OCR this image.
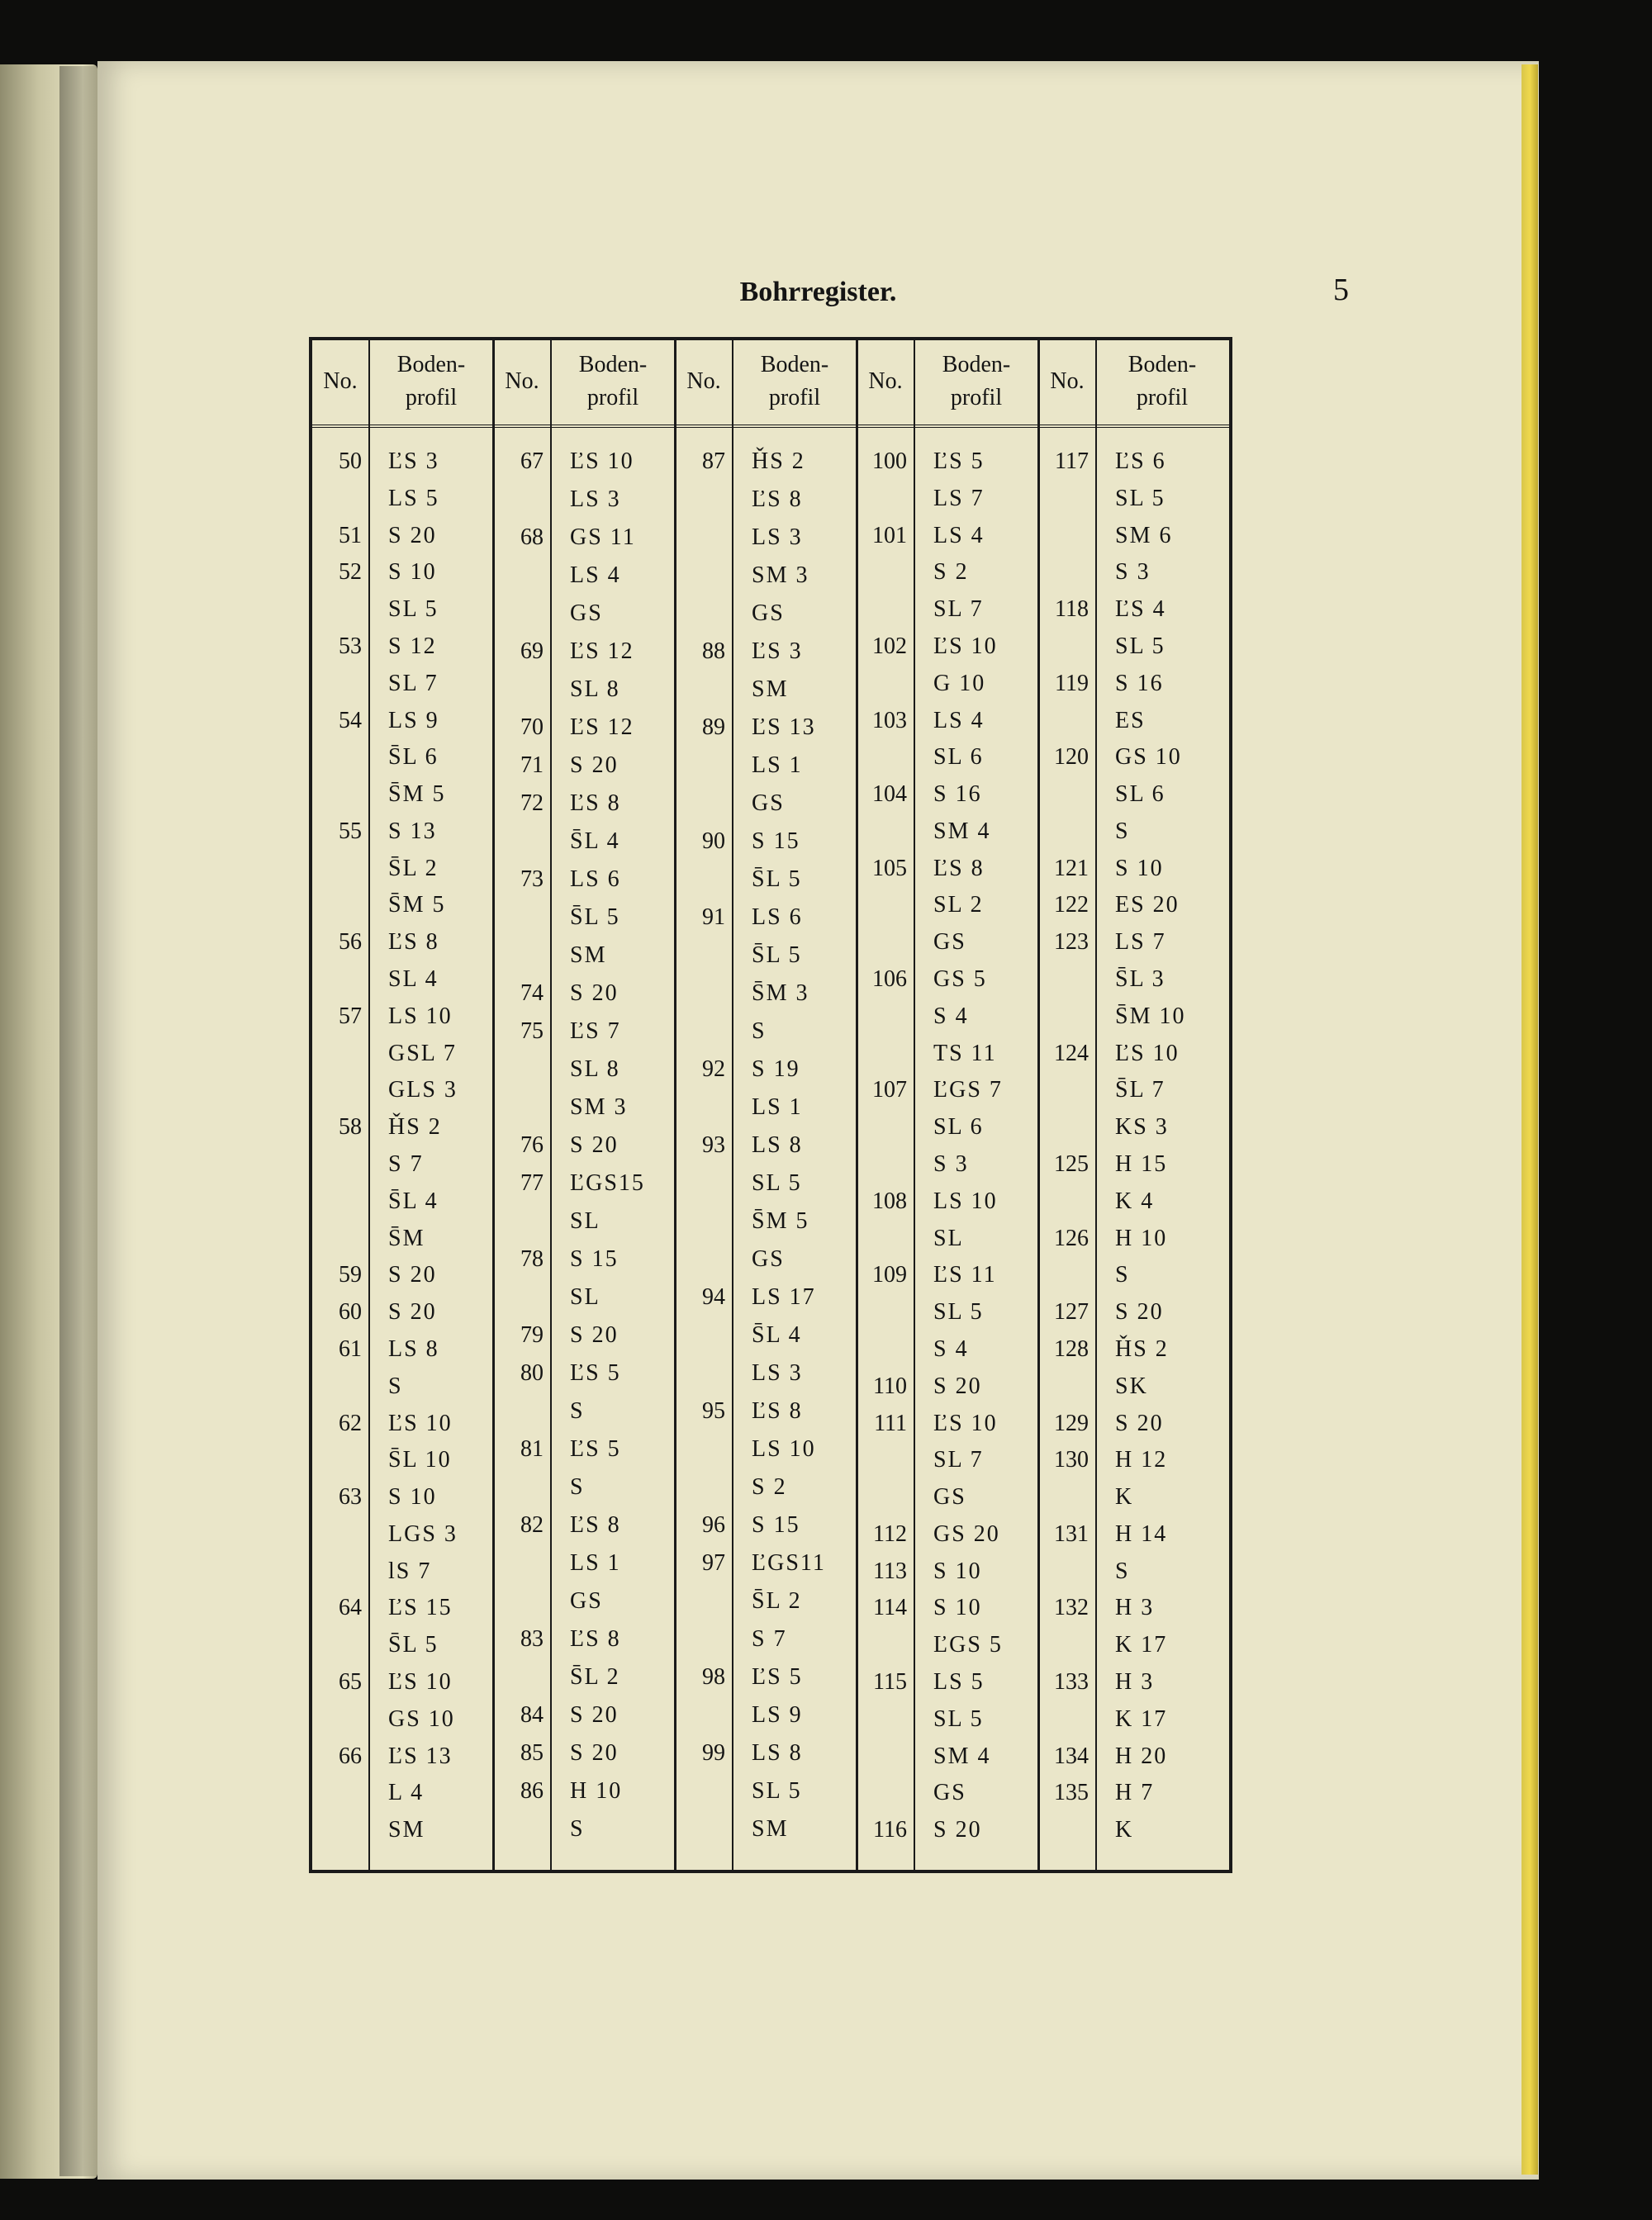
Bohrregister.	5
No.
Boden-
profil
No.
Boden-
profil
No.
Boden-
profil
No.
Boden-
profil
No.
Boden-
profil
50 ĽS 3
LS 5
51 S 20
52 S 10
SL 5
53 S 12
SL 7
54 LS 9
S̄L 6
S̄M 5
55 S 13
S̄L 2
S̄M 5
56 ĽS 8
SL 4
57 LS 10
GSL 7
GLS 3
58 ȞS 2
S 7
S̄L 4
S̄M
59 S 20
60 S 20
61 LS 8
S
62 ĽS 10
S̄L 10
63 S 10
LGS 3
lS 7
64 ĽS 15
S̄L 5
65 ĽS 10
GS 10
66 ĽS 13
L 4
SM
67 ĽS 10
LS 3
68 GS 11
LS 4
GS
69 ĽS 12
SL 8
70 ĽS 12
71 S 20
72 ĽS 8
S̄L 4
73 LS 6
S̄L 5
SM
74 S 20
75 ĽS 7
SL 8
SM 3
76 S 20
77 ĽGS15
SL
78 S 15
SL
79 S 20
80 ĽS 5
S
81 ĽS 5
S
82 ĽS 8
LS 1
GS
83 ĽS 8
S̄L 2
84 S 20
85 S 20
86 H 10
S
87 ȞS 2
ĽS 8
LS 3
SM 3
GS
88 ĽS 3
SM
89 ĽS 13
LS 1
GS
90 S 15
S̄L 5
91 LS 6
S̄L 5
S̄M 3
S
92 S 19
LS 1
93 LS 8
SL 5
S̄M 5
GS
94 LS 17
S̄L 4
LS 3
95 ĽS 8
LS 10
S 2
96 S 15
97 ĽGS11
S̄L 2
S 7
98 ĽS 5
LS 9
99 LS 8
SL 5
SM
100 ĽS 5
LS 7
101 LS 4
S 2
SL 7
102 ĽS 10
G 10
103 LS 4
SL 6
104 S 16
SM 4
105 ĽS 8
SL 2
GS
106 GS 5
S 4
TS 11
107 ĽGS 7
SL 6
S 3
108 LS 10
SL
109 ĽS 11
SL 5
S 4
110 S 20
111 ĽS 10
SL 7
GS
112 GS 20
113 S 10
114 S 10
ĽGS 5
115 LS 5
SL 5
SM 4
GS
116 S 20
117 ĽS 6
SL 5
SM 6
S 3
118 ĽS 4
SL 5
119 S 16
ES
120 GS 10
SL 6
S
121 S 10
122 ES 20
123 LS 7
S̄L 3
S̄M 10
124 ĽS 10
S̄L 7
KS 3
125 H 15
K 4
126 H 10
S
127 S 20
128 ȞS 2
SK
129 S 20
130 H 12
K
131 H 14
S
132 H 3
K 17
133 H 3
K 17
134 H 20
135 H 7
K
